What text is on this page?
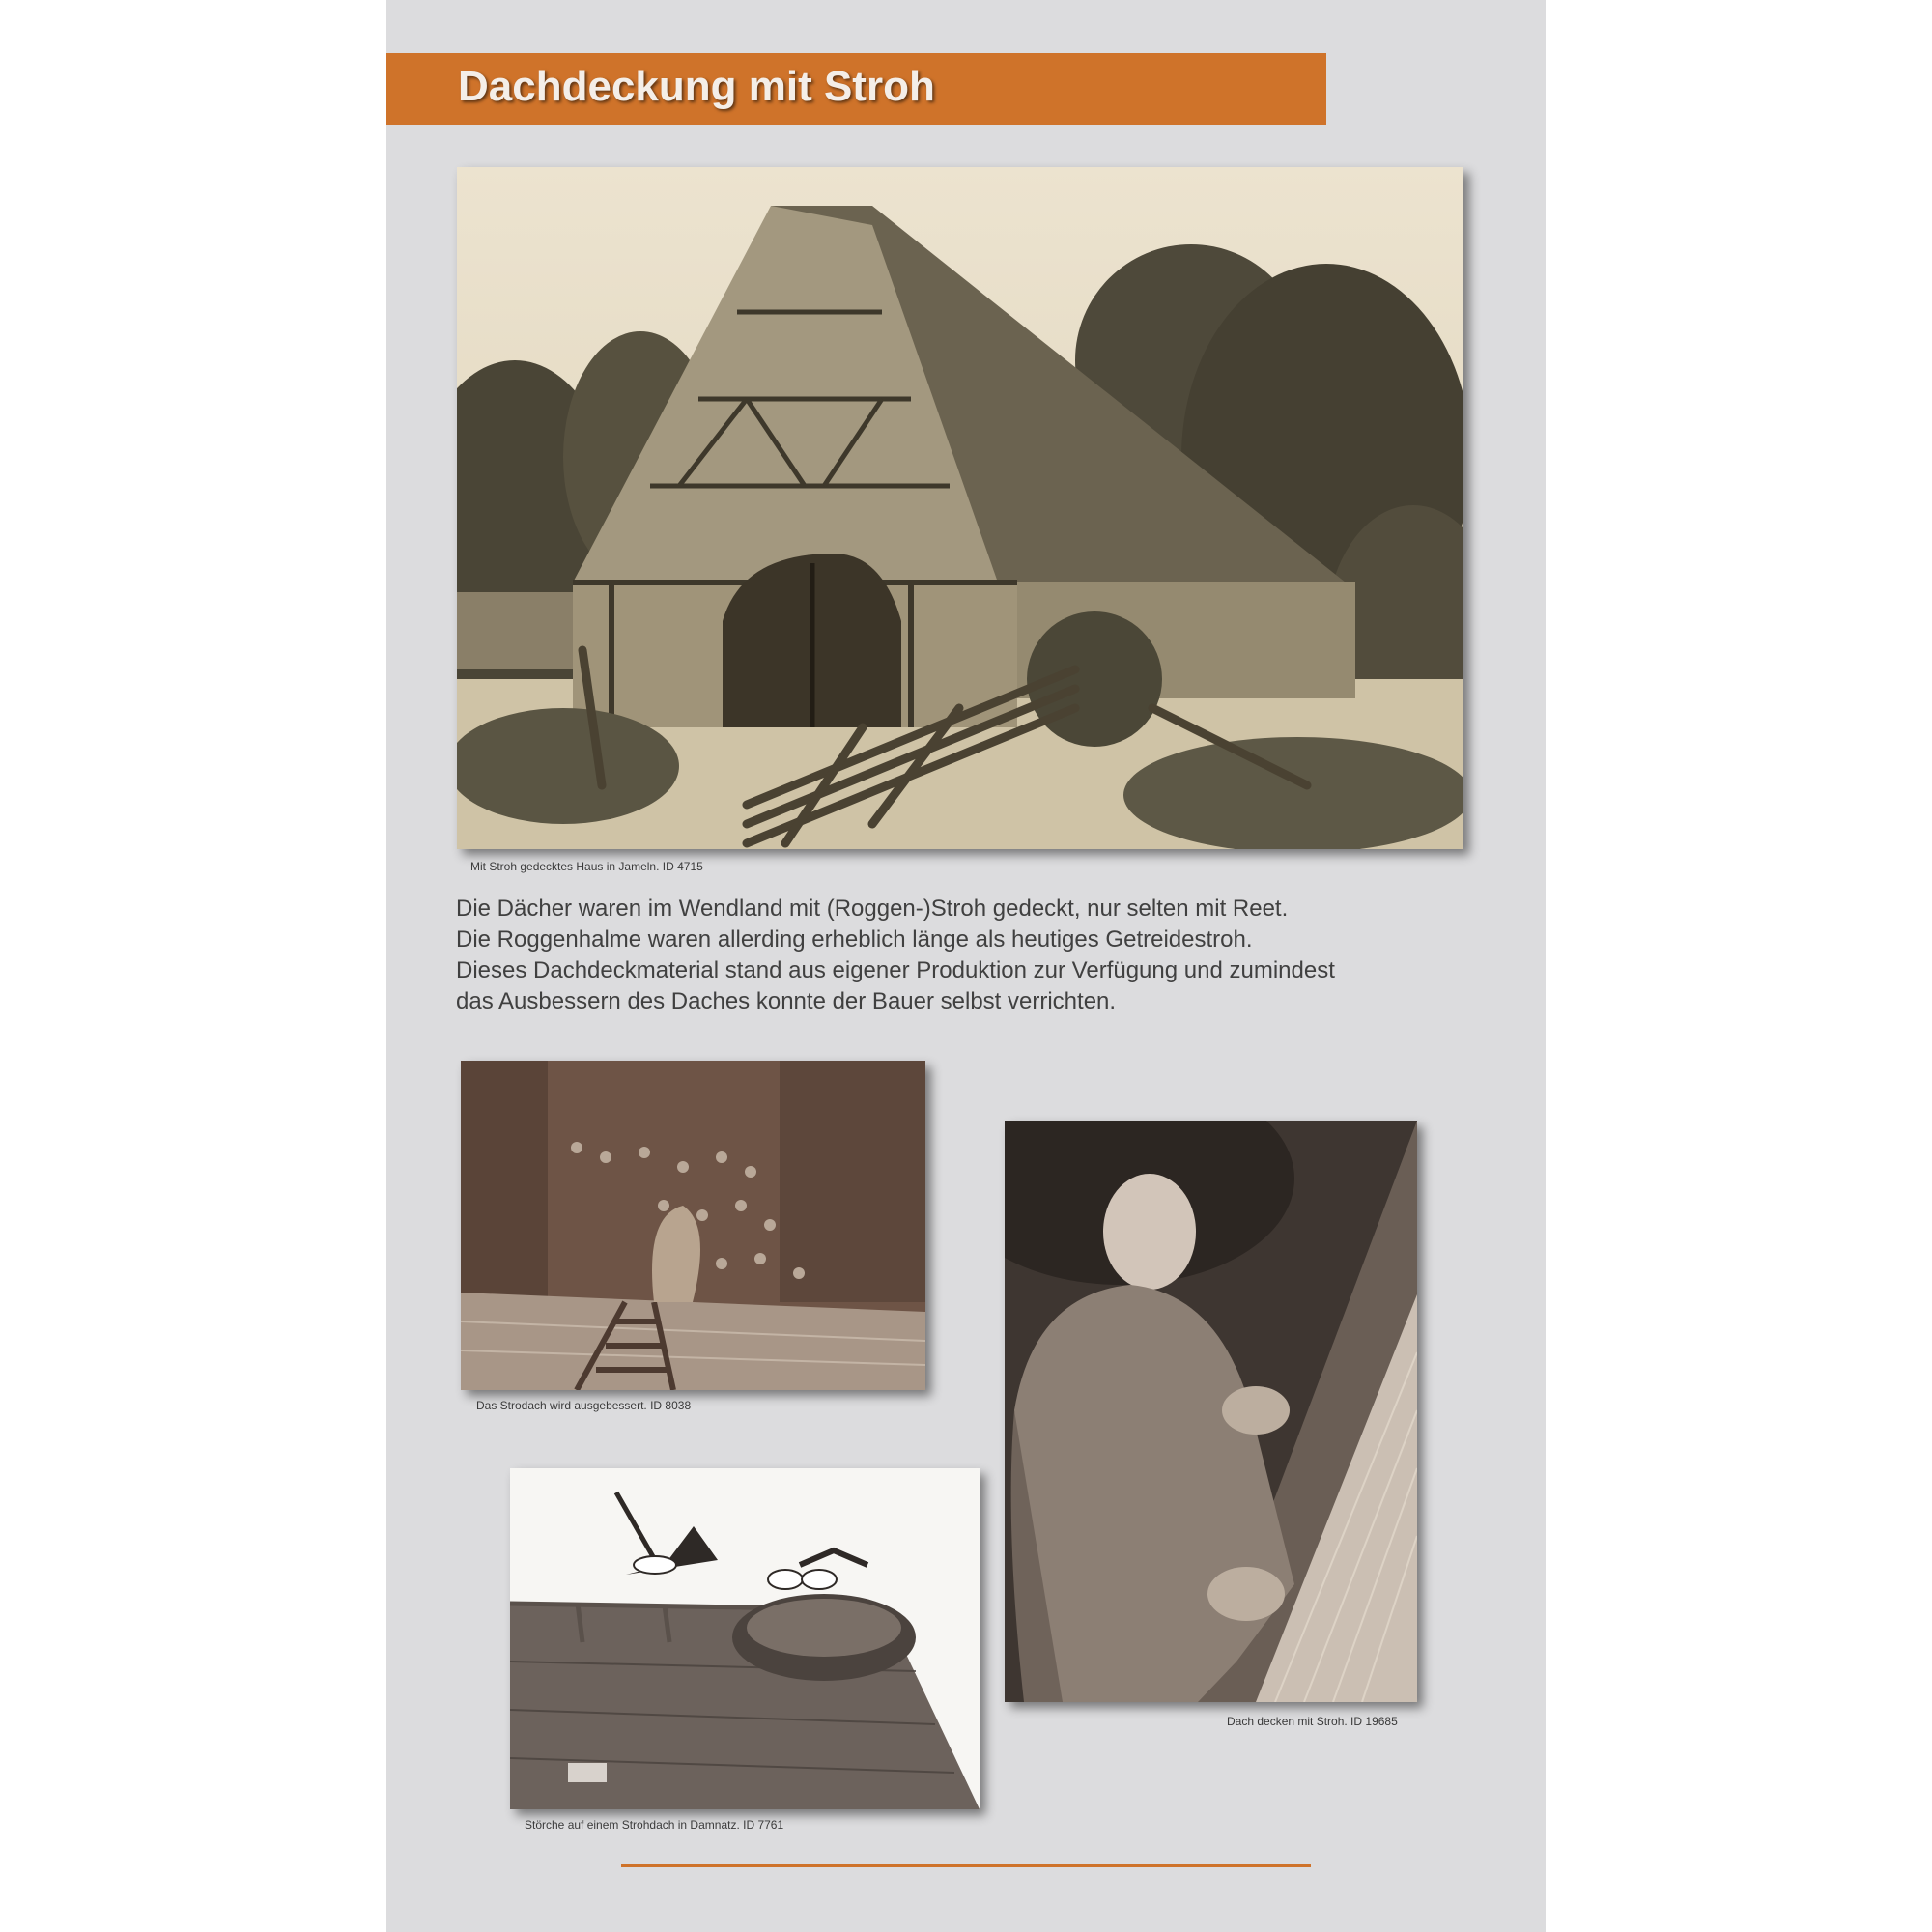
Dachdeckung mit Stroh
Mit Stroh gedecktes Haus in Jameln. ID 4715
Die Dächer waren im Wendland mit (Roggen-)Stroh gedeckt, nur selten mit Reet.
Die Roggenhalme waren allerding erheblich länge als heutiges Getreidestroh.
Dieses Dachdeckmaterial stand aus eigener Produktion zur Verfügung und zumindest
das Ausbessern des Daches konnte der Bauer selbst verrichten.
Das Strodach wird ausgebessert. ID 8038
Dach decken mit Stroh. ID 19685
Störche auf einem Strohdach in Damnatz. ID 7761
